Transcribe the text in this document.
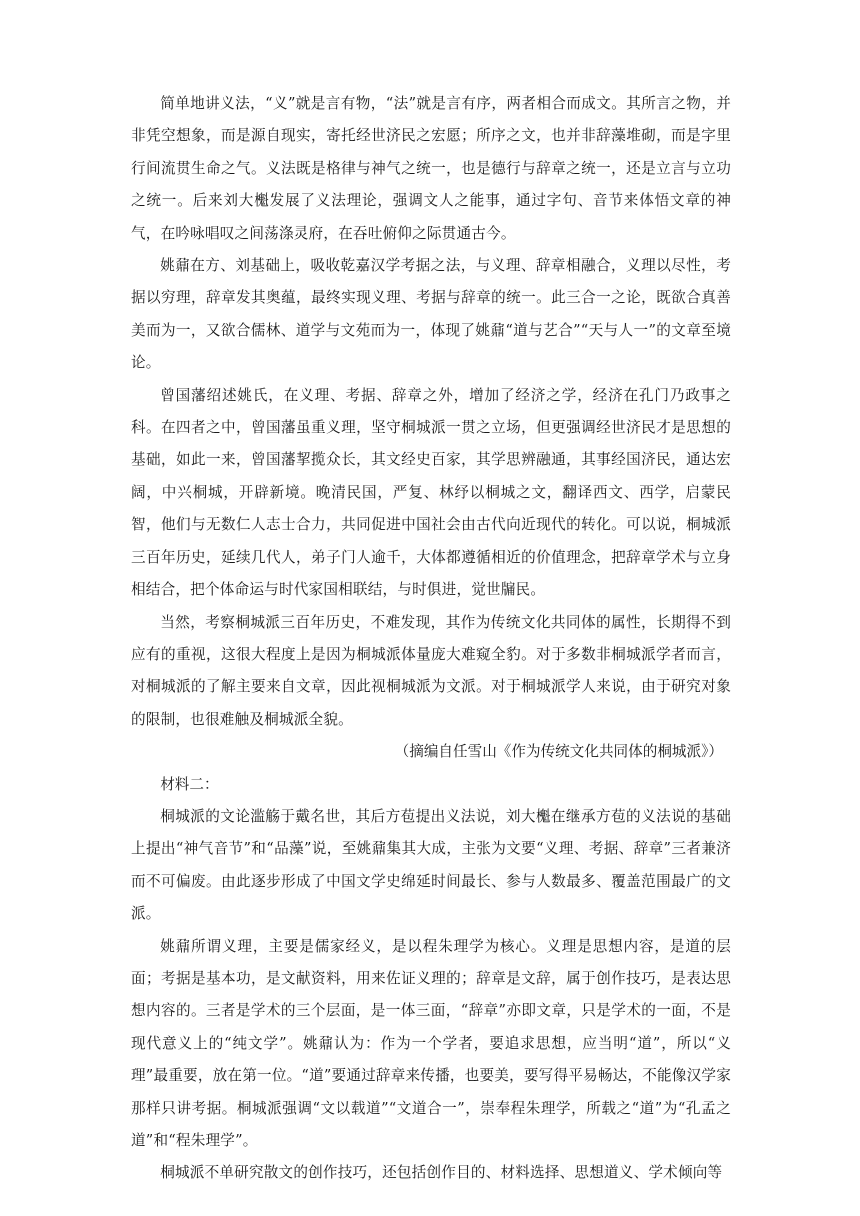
简单地讲义法，“义”就是言有物，“法”就是言有序，两者相合而成文。其所言之物，并非凭空想象，而是源自现实，寄托经世济民之宏愿；所序之文，也并非辞藻堆砌，而是字里行间流贯生命之气。义法既是格律与神气之统一，也是德行与辞章之统一，还是立言与立功之统一。后来刘大櫆发展了义法理论，强调文人之能事，通过字句、音节来体悟文章的神气，在吟咏唱叹之间荡涤灵府，在吞吐俯仰之际贯通古今。

姚鼐在方、刘基础上，吸收乾嘉汉学考据之法，与义理、辞章相融合，义理以尽性，考据以穷理，辞章发其奥蕴，最终实现义理、考据与辞章的统一。此三合一之论，既欲合真善美而为一，又欲合儒林、道学与文苑而为一，体现了姚鼐“道与艺合”“天与人一”的文章至境论。

曾国藩绍述姚氏，在义理、考据、辞章之外，增加了经济之学，经济在孔门乃政事之科。在四者之中，曾国藩虽重义理，坚守桐城派一贯之立场，但更强调经世济民才是思想的基础，如此一来，曾国藩挈揽众长，其文经史百家，其学思辨融通，其事经国济民，通达宏阔，中兴桐城，开辟新境。晚清民国，严复、林纾以桐城之文，翻译西文、西学，启蒙民智，他们与无数仁人志士合力，共同促进中国社会由古代向近现代的转化。可以说，桐城派三百年历史，延续几代人，弟子门人逾千，大体都遵循相近的价值理念，把辞章学术与立身相结合，把个体命运与时代家国相联结，与时俱进，觉世牖民。

当然，考察桐城派三百年历史，不难发现，其作为传统文化共同体的属性，长期得不到应有的重视，这很大程度上是因为桐城派体量庞大难窥全豹。对于多数非桐城派学者而言，对桐城派的了解主要来自文章，因此视桐城派为文派。对于桐城派学人来说，由于研究对象的限制，也很难触及桐城派全貌。

（摘编自任雪山《作为传统文化共同体的桐城派》）

材料二：

桐城派的文论滥觞于戴名世，其后方苞提出义法说，刘大櫆在继承方苞的义法说的基础上提出“神气音节”和“品藻”说，至姚鼐集其大成，主张为文要“义理、考据、辞章”三者兼济而不可偏废。由此逐步形成了中国文学史绵延时间最长、参与人数最多、覆盖范围最广的文派。

姚鼐所谓义理，主要是儒家经义，是以程朱理学为核心。义理是思想内容，是道的层面；考据是基本功，是文献资料，用来佐证义理的；辞章是文辞，属于创作技巧，是表达思想内容的。三者是学术的三个层面，是一体三面，“辞章”亦即文章，只是学术的一面，不是现代意义上的“纯文学”。姚鼐认为：作为一个学者，要追求思想，应当明“道”，所以“义理”最重要，放在第一位。“道”要通过辞章来传播，也要美，要写得平易畅达，不能像汉学家那样只讲考据。桐城派强调“文以载道”“文道合一”，崇奉程朱理学，所载之“道”为“孔孟之道”和“程朱理学”。

桐城派不单研究散文的创作技巧，还包括创作目的、材料选择、思想道义、学术倾向等
